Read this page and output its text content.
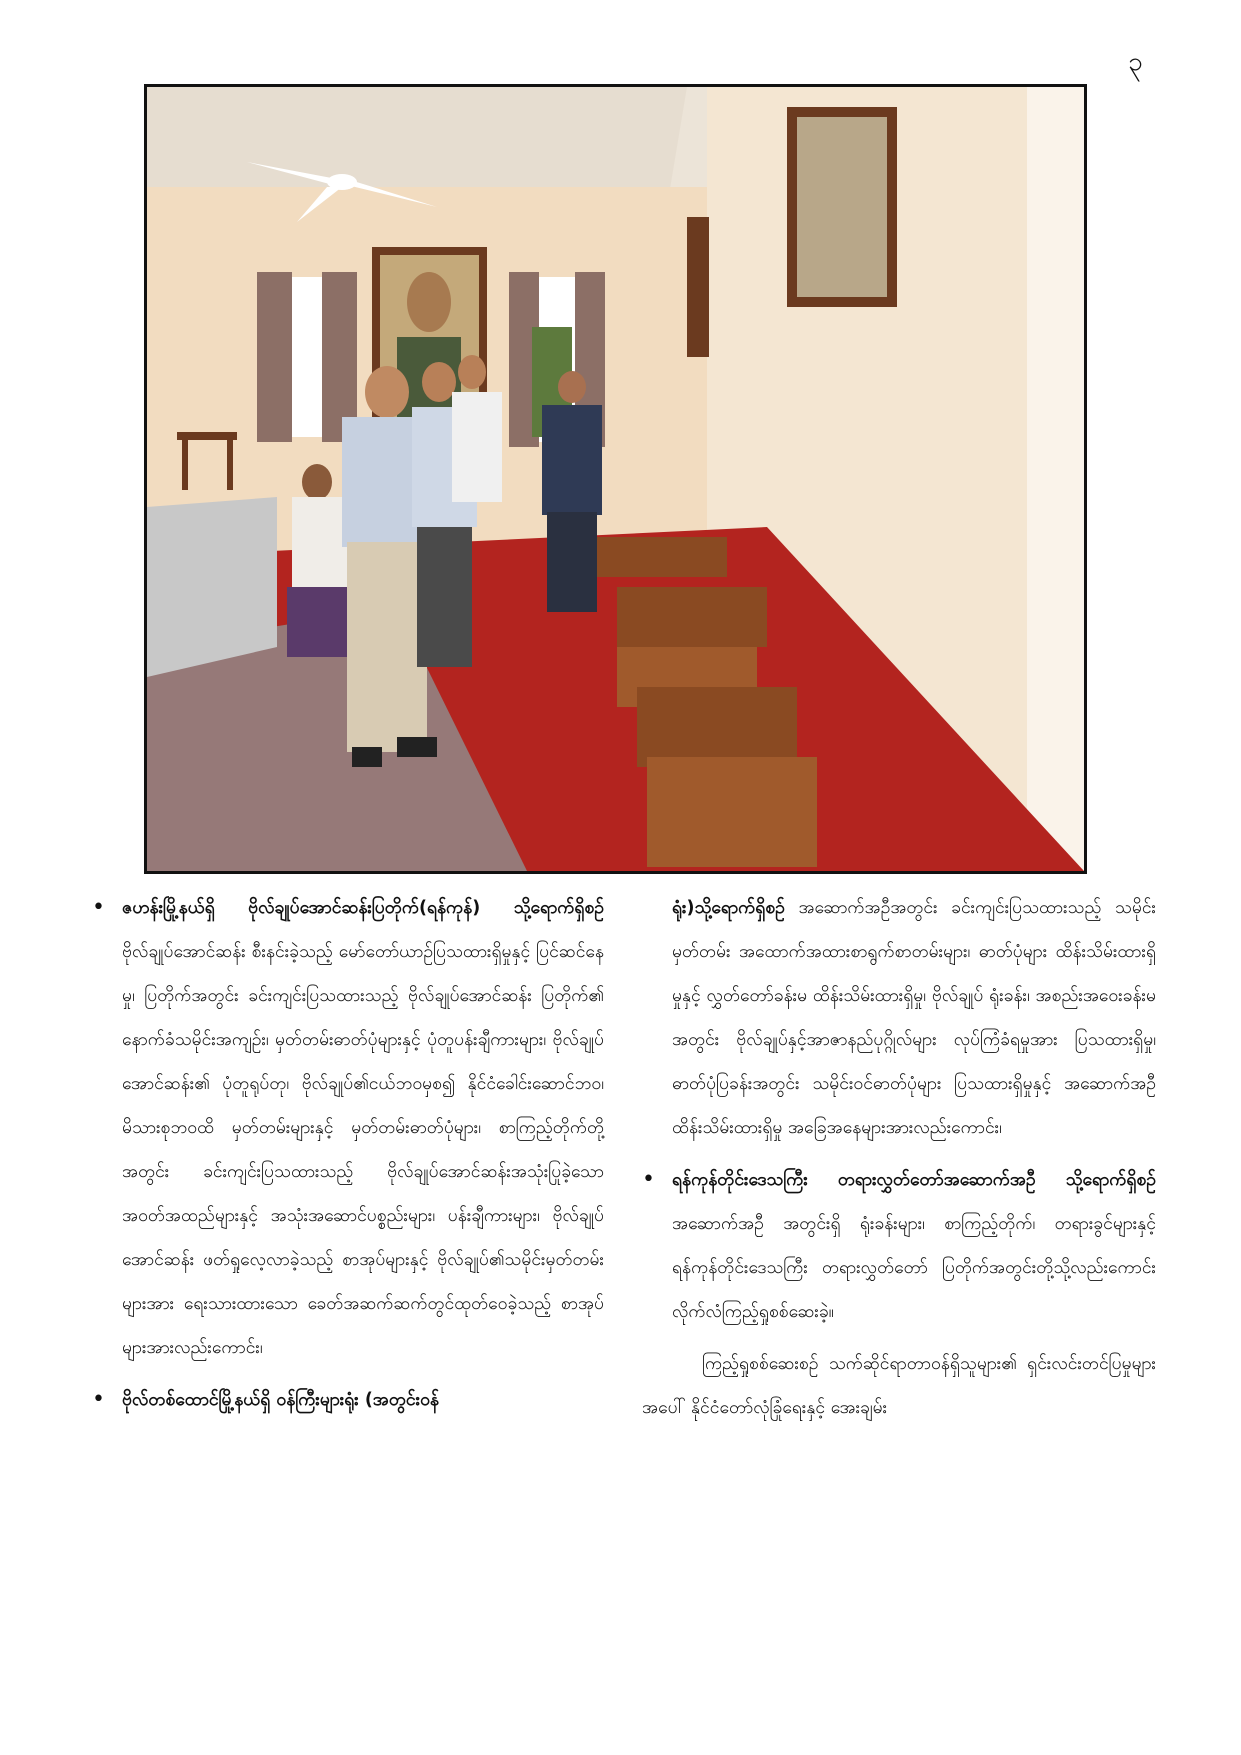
၃
• ဇဟန်းမြို့နယ်ရှိ ဗိုလ်ချုပ်အောင်ဆန်းပြတိုက်(ရန်ကုန်) သို့ရောက်ရှိစဉ် ဗိုလ်ချုပ်အောင်ဆန်း စီးနင်းခဲ့သည့် မော်တော်ယာဉ်ပြသထားရှိမှုနှင့် ပြင်ဆင်နေမှု၊ ပြတိုက်အတွင်း ခင်းကျင်းပြသထားသည့် ဗိုလ်ချုပ်အောင်ဆန်း ပြတိုက်၏ နောက်ခံသမိုင်းအကျဉ်း၊ မှတ်တမ်းဓာတ်ပုံများနှင့် ပုံတူပန်းချီကားများ၊ ဗိုလ်ချုပ်အောင်ဆန်း၏ ပုံတူရုပ်တု၊ ဗိုလ်ချုပ်၏ငယ်ဘဝမှစ၍ နိုင်ငံခေါင်းဆောင်ဘဝ၊ မိသားစုဘဝထိ မှတ်တမ်းများနှင့် မှတ်တမ်းဓာတ်ပုံများ၊ စာကြည့်တိုက်တို့အတွင်း ခင်းကျင်းပြသထားသည့် ဗိုလ်ချုပ်အောင်ဆန်းအသုံးပြုခဲ့သော အဝတ်အထည်များနှင့် အသုံးအဆောင်ပစ္စည်းများ၊ ပန်းချီကားများ၊ ဗိုလ်ချုပ်အောင်ဆန်း ဖတ်ရှုလေ့လာခဲ့သည့် စာအုပ်များနှင့် ဗိုလ်ချုပ်၏သမိုင်းမှတ်တမ်းများအား ရေးသားထားသော ခေတ်အဆက်ဆက်တွင်ထုတ်ဝေခဲ့သည့် စာအုပ်များအားလည်းကောင်း၊
• ဗိုလ်တစ်ထောင်မြို့နယ်ရှိ ဝန်ကြီးများရုံး (အတွင်းဝန်
ရုံး)သို့ရောက်ရှိစဉ် အဆောက်အဦအတွင်း ခင်းကျင်းပြသထားသည့် သမိုင်းမှတ်တမ်း အထောက်အထားစာရွက်စာတမ်းများ၊ ဓာတ်ပုံများ ထိန်းသိမ်းထားရှိမှုနှင့် လွှတ်တော်ခန်းမ ထိန်းသိမ်းထားရှိမှု၊ ဗိုလ်ချုပ် ရုံးခန်း၊ အစည်းအဝေးခန်းမအတွင်း ဗိုလ်ချုပ်နှင့်အာဇာနည်ပုဂ္ဂိုလ်များ လုပ်ကြံခံရမှုအား ပြသထားရှိမှု၊ ဓာတ်ပုံပြခန်းအတွင်း သမိုင်းဝင်ဓာတ်ပုံများ ပြသထားရှိမှုနှင့် အဆောက်အဦထိန်းသိမ်းထားရှိမှု အခြေအနေများအားလည်းကောင်း၊
• ရန်ကုန်တိုင်းဒေသကြီး တရားလွှတ်တော်အဆောက်အဦ သို့ရောက်ရှိစဉ် အဆောက်အဦ အတွင်းရှိ ရုံးခန်းများ၊ စာကြည့်တိုက်၊ တရားခွင်များနှင့် ရန်ကုန်တိုင်းဒေသကြီး တရားလွှတ်တော် ပြတိုက်အတွင်းတို့သို့လည်းကောင်း လိုက်လံကြည့်ရှုစစ်ဆေးခဲ့။

ကြည့်ရှုစစ်ဆေးစဉ် သက်ဆိုင်ရာတာဝန်ရှိသူများ၏ ရှင်းလင်းတင်ပြမှုများအပေါ် နိုင်ငံတော်လုံခြုံရေးနှင့် အေးချမ်း
